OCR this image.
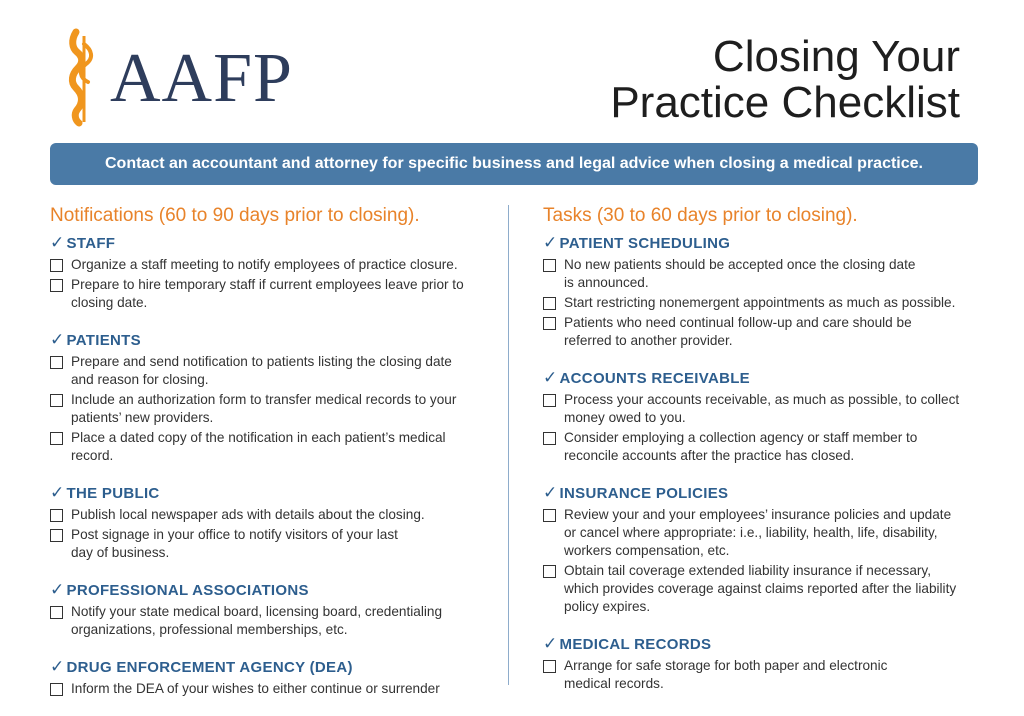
AAFP	Closing Your
Practice Checklist
Contact an accountant and attorney for specific business and legal advice when closing a medical practice.
Notifications (60 to 90 days prior to closing).
✓ STAFF
Organize a staff meeting to notify employees of practice closure.
Prepare to hire temporary staff if current employees leave prior to
closing date.
✓ PATIENTS
Prepare and send notification to patients listing the closing date
and reason for closing.
Include an authorization form to transfer medical records to your
patients’ new providers.
Place a dated copy of the notification in each patient’s medical
record.
✓ THE PUBLIC
Publish local newspaper ads with details about the closing.
Post signage in your office to notify visitors of your last
day of business.
✓ PROFESSIONAL ASSOCIATIONS
Notify your state medical board, licensing board, credentialing
organizations, professional memberships, etc.
✓ DRUG ENFORCEMENT AGENCY (DEA)
Inform the DEA of your wishes to either continue or surrender
Tasks (30 to 60 days prior to closing).
✓ PATIENT SCHEDULING
No new patients should be accepted once the closing date
is announced.
Start restricting nonemergent appointments as much as possible.
Patients who need continual follow-up and care should be
referred to another provider.
✓ ACCOUNTS RECEIVABLE
Process your accounts receivable, as much as possible, to collect
money owed to you.
Consider employing a collection agency or staff member to
reconcile accounts after the practice has closed.
✓ INSURANCE POLICIES
Review your and your employees’ insurance policies and update
or cancel where appropriate: i.e., liability, health, life, disability,
workers compensation, etc.
Obtain tail coverage extended liability insurance if necessary,
which provides coverage against claims reported after the liability
policy expires.
✓ MEDICAL RECORDS
Arrange for safe storage for both paper and electronic
medical records.
